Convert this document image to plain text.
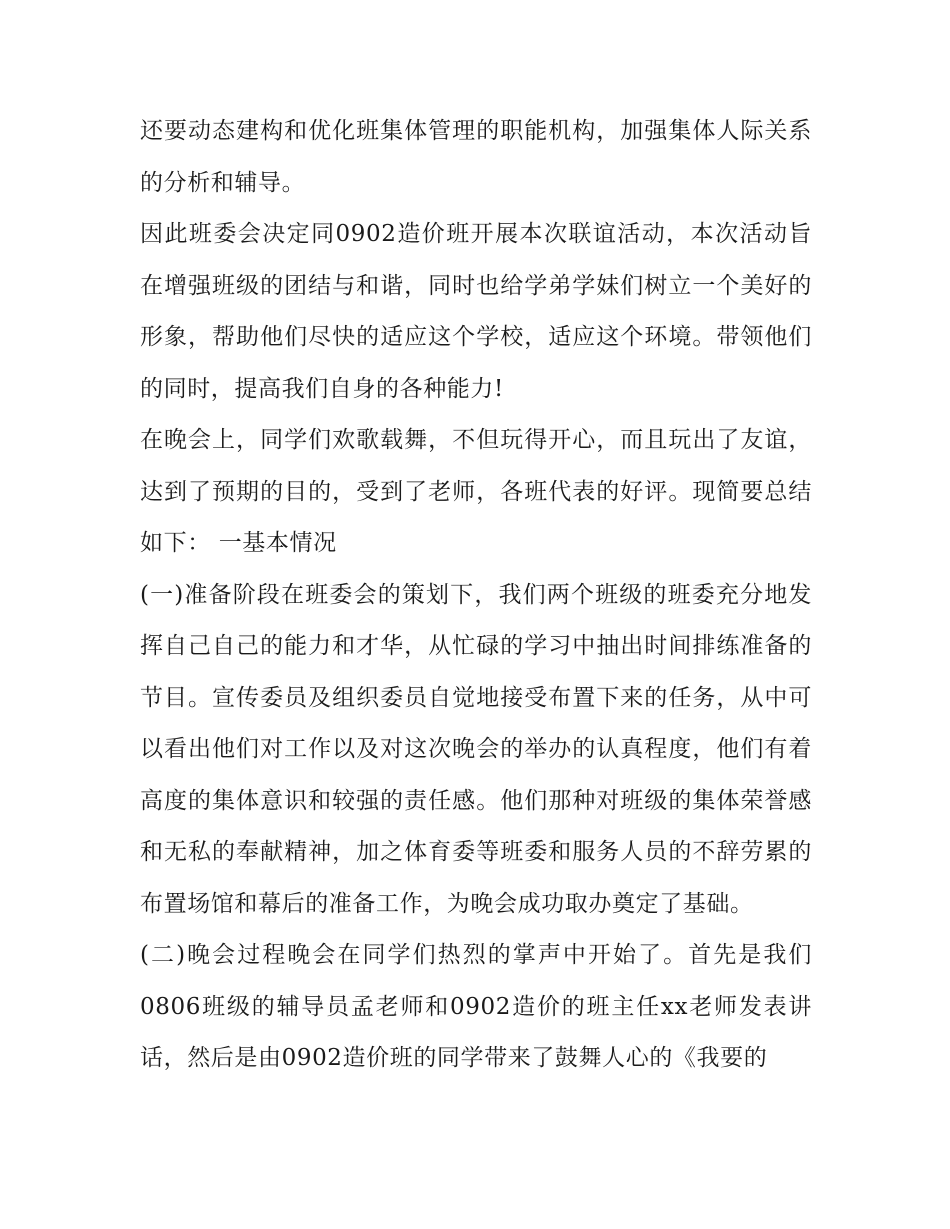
还要动态建构和优化班集体管理的职能机构，加强集体人际关系的分析和辅导。

因此班委会决定同0902造价班开展本次联谊活动，本次活动旨在增强班级的团结与和谐，同时也给学弟学妹们树立一个美好的形象，帮助他们尽快的适应这个学校，适应这个环境。带领他们的同时，提高我们自身的各种能力!

在晚会上，同学们欢歌载舞，不但玩得开心，而且玩出了友谊，达到了预期的目的，受到了老师，各班代表的好评。现简要总结如下： 一基本情况

(一)准备阶段在班委会的策划下，我们两个班级的班委充分地发挥自己自己的能力和才华，从忙碌的学习中抽出时间排练准备的节目。宣传委员及组织委员自觉地接受布置下来的任务，从中可以看出他们对工作以及对这次晚会的举办的认真程度，他们有着高度的集体意识和较强的责任感。他们那种对班级的集体荣誉感和无私的奉献精神，加之体育委等班委和服务人员的不辞劳累的布置场馆和幕后的准备工作，为晚会成功取办奠定了基础。

(二)晚会过程晚会在同学们热烈的掌声中开始了。首先是我们0806班级的辅导员孟老师和0902造价的班主任xx老师发表讲话，然后是由0902造价班的同学带来了鼓舞人心的《我要的
